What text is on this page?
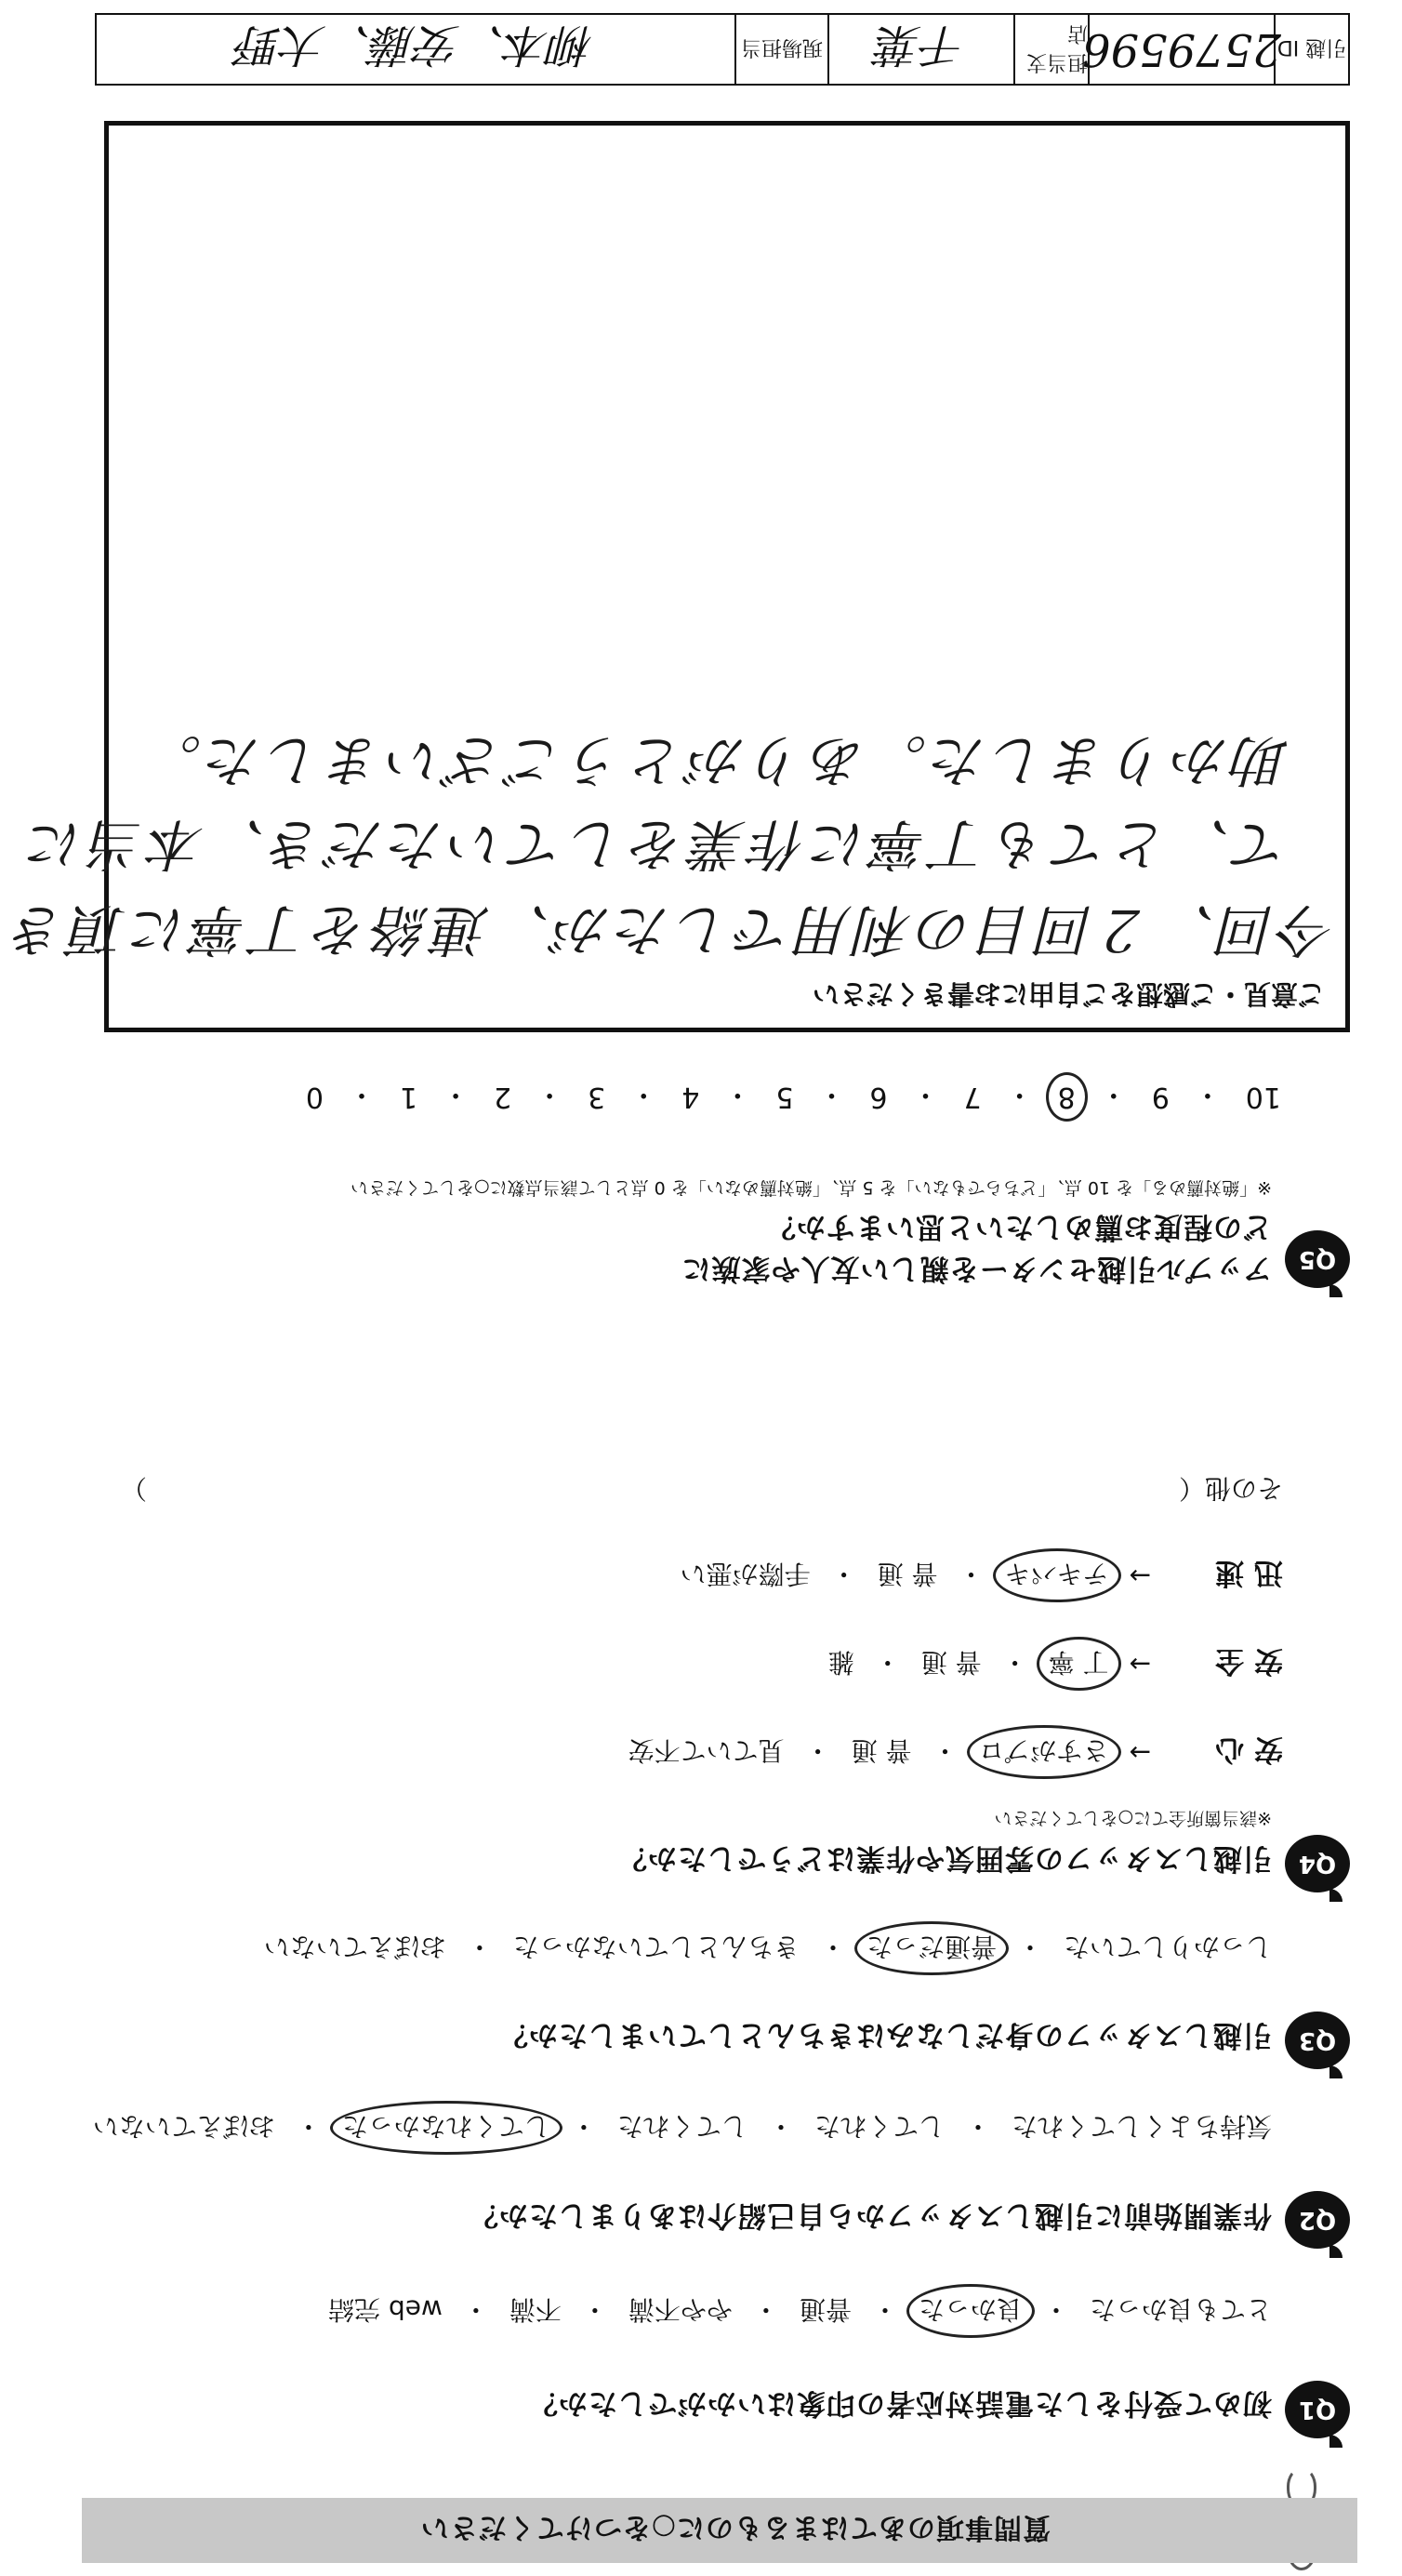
質問事項のあてはまるものに○をつけてください
Q1
初めて受付をした電話対応者の印象はいかがでしたか？
とても良かった
・
良かった
・
普通
・
やや不満
・
不満
・
web 完結
Q2
作業開始前に引越しスタッフから自己紹介はありましたか？
気持ちよくしてくれた
・
してくれた
・
してくれた
・
してくれなかった
・
おぼえていない
Q3
引越しスタッフの身だしなみはきちんとしていましたか？
しっかりしていた
・
普通だった
・
きちんとしていなかった
・
おぼえていない
Q4
引越しスタッフの雰囲気や作業はどうでしたか？
※該当箇所全てに○をしてください
安 心
→
さすがプロ
・
普 通
・
見ていて不安
安 全
→
丁 寧
・
普 通
・
雑
迅 速
→
テキパキ
・
普 通
・
手際が悪い
その他（
）
Q5
アップル引越センターを親しい友人や家族に
どの程度お薦めしたいと思いますか？
※「絶対薦める」を 10 点、「どちらでもない」を 5 点、「絶対薦めない」を 0 点として該当点数に○をしてください
10
・
9
・
8
・
7
・
6
・
5
・
4
・
3
・
2
・
1
・
0
ご意見・ご感想をご自由にお書きください
今回、２回目の利用でしたが、連絡を丁寧に頂き
て、とても丁寧に作業をしていただき、本当に
助かりました。ありがとうございました。
引越 ID
2579596
担当支店
千葉
現場担当
柳本、安藤、大野
